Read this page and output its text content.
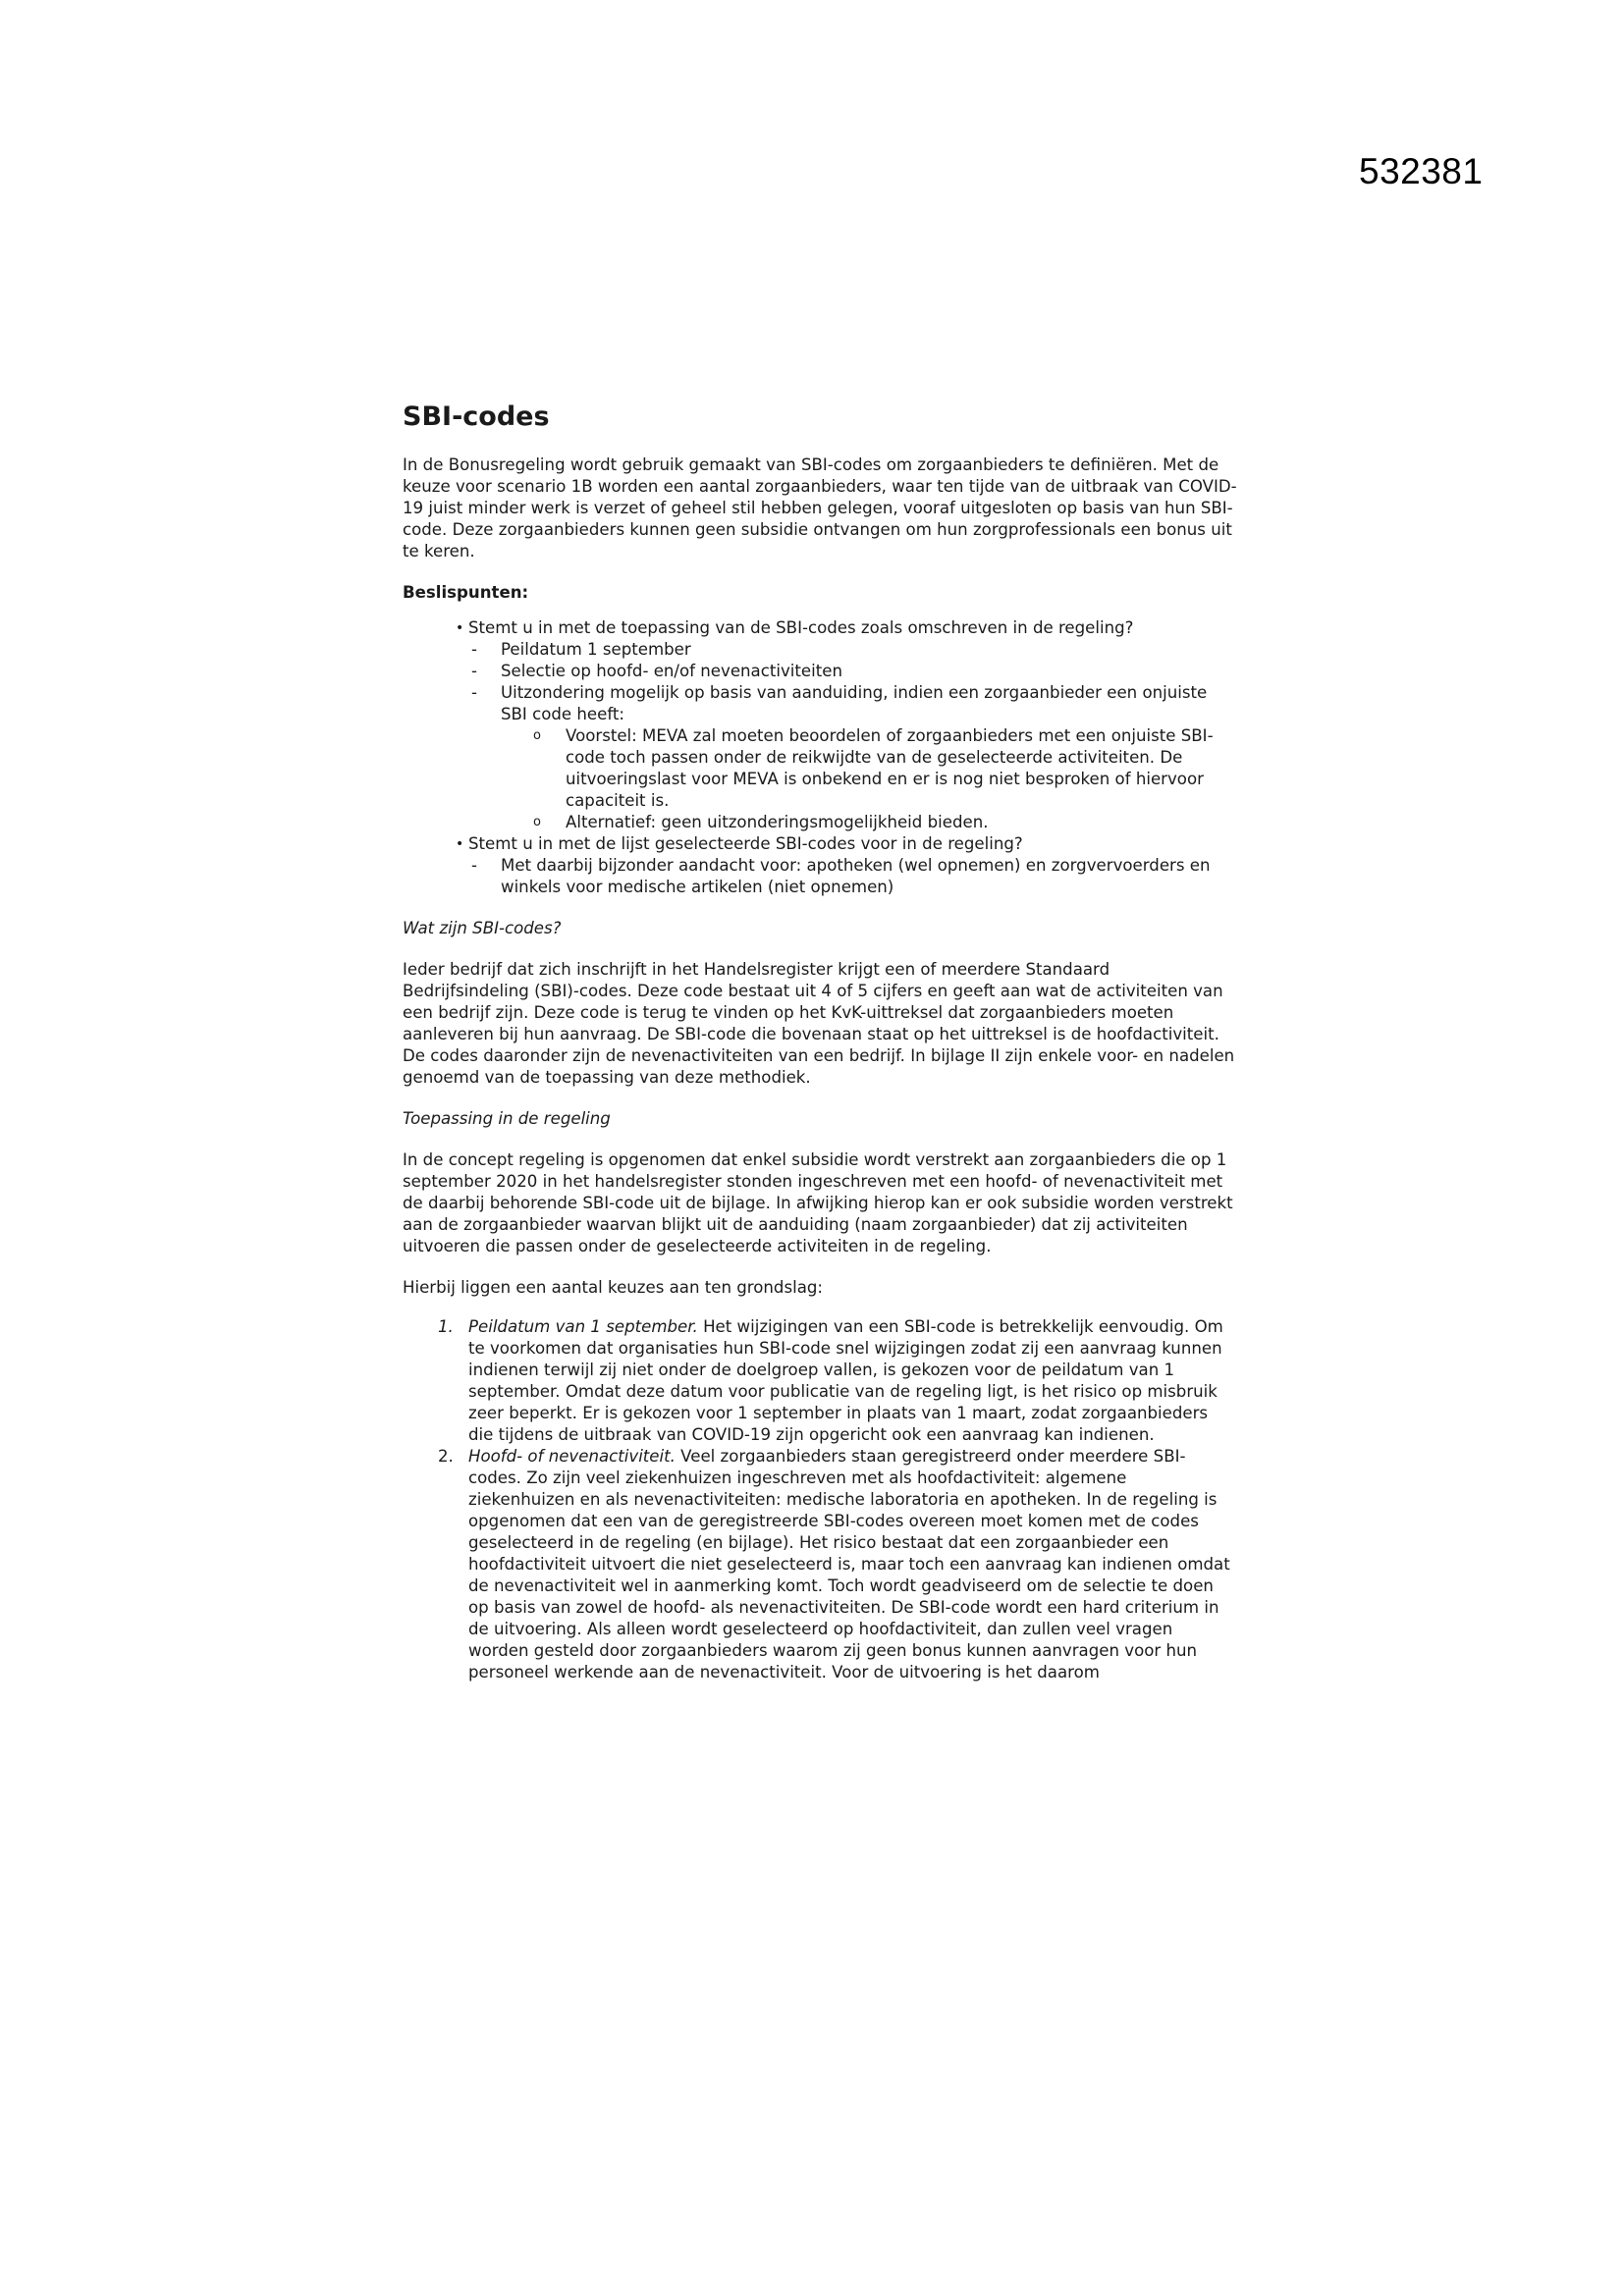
532381
SBI-codes

In de Bonusregeling wordt gebruik gemaakt van SBI-codes om zorgaanbieders te definiëren. Met de keuze voor scenario 1B worden een aantal zorgaanbieders, waar ten tijde van de uitbraak van COVID-19 juist minder werk is verzet of geheel stil hebben gelegen, vooraf uitgesloten op basis van hun SBI-code. Deze zorgaanbieders kunnen geen subsidie ontvangen om hun zorgprofessionals een bonus uit te keren.

Beslispunten:

• Stemt u in met de toepassing van de SBI-codes zoals omschreven in de regeling?
- Peildatum 1 september
- Selectie op hoofd- en/of nevenactiviteiten
- Uitzondering mogelijk op basis van aanduiding, indien een zorgaanbieder een onjuiste SBI code heeft:
o Voorstel: MEVA zal moeten beoordelen of zorgaanbieders met een onjuiste SBI-code toch passen onder de reikwijdte van de geselecteerde activiteiten. De uitvoeringslast voor MEVA is onbekend en er is nog niet besproken of hiervoor capaciteit is.
o Alternatief: geen uitzonderingsmogelijkheid bieden.
• Stemt u in met de lijst geselecteerde SBI-codes voor in de regeling?
- Met daarbij bijzonder aandacht voor: apotheken (wel opnemen) en zorgvervoerders en winkels voor medische artikelen (niet opnemen)

Wat zijn SBI-codes?

Ieder bedrijf dat zich inschrijft in het Handelsregister krijgt een of meerdere Standaard Bedrijfsindeling (SBI)-codes. Deze code bestaat uit 4 of 5 cijfers en geeft aan wat de activiteiten van een bedrijf zijn. Deze code is terug te vinden op het KvK-uittreksel dat zorgaanbieders moeten aanleveren bij hun aanvraag. De SBI-code die bovenaan staat op het uittreksel is de hoofdactiviteit. De codes daaronder zijn de nevenactiviteiten van een bedrijf. In bijlage II zijn enkele voor- en nadelen genoemd van de toepassing van deze methodiek.

Toepassing in de regeling

In de concept regeling is opgenomen dat enkel subsidie wordt verstrekt aan zorgaanbieders die op 1 september 2020 in het handelsregister stonden ingeschreven met een hoofd- of nevenactiviteit met de daarbij behorende SBI-code uit de bijlage. In afwijking hierop kan er ook subsidie worden verstrekt aan de zorgaanbieder waarvan blijkt uit de aanduiding (naam zorgaanbieder) dat zij activiteiten uitvoeren die passen onder de geselecteerde activiteiten in de regeling.

Hierbij liggen een aantal keuzes aan ten grondslag:

1. Peildatum van 1 september. Het wijzigingen van een SBI-code is betrekkelijk eenvoudig. Om te voorkomen dat organisaties hun SBI-code snel wijzigingen zodat zij een aanvraag kunnen indienen terwijl zij niet onder de doelgroep vallen, is gekozen voor de peildatum van 1 september. Omdat deze datum voor publicatie van de regeling ligt, is het risico op misbruik zeer beperkt. Er is gekozen voor 1 september in plaats van 1 maart, zodat zorgaanbieders die tijdens de uitbraak van COVID-19 zijn opgericht ook een aanvraag kan indienen.
2. Hoofd- of nevenactiviteit. Veel zorgaanbieders staan geregistreerd onder meerdere SBI-codes. Zo zijn veel ziekenhuizen ingeschreven met als hoofdactiviteit: algemene ziekenhuizen en als nevenactiviteiten: medische laboratoria en apotheken. In de regeling is opgenomen dat een van de geregistreerde SBI-codes overeen moet komen met de codes geselecteerd in de regeling (en bijlage). Het risico bestaat dat een zorgaanbieder een hoofdactiviteit uitvoert die niet geselecteerd is, maar toch een aanvraag kan indienen omdat de nevenactiviteit wel in aanmerking komt. Toch wordt geadviseerd om de selectie te doen op basis van zowel de hoofd- als nevenactiviteiten. De SBI-code wordt een hard criterium in de uitvoering. Als alleen wordt geselecteerd op hoofdactiviteit, dan zullen veel vragen worden gesteld door zorgaanbieders waarom zij geen bonus kunnen aanvragen voor hun personeel werkende aan de nevenactiviteit. Voor de uitvoering is het daarom
